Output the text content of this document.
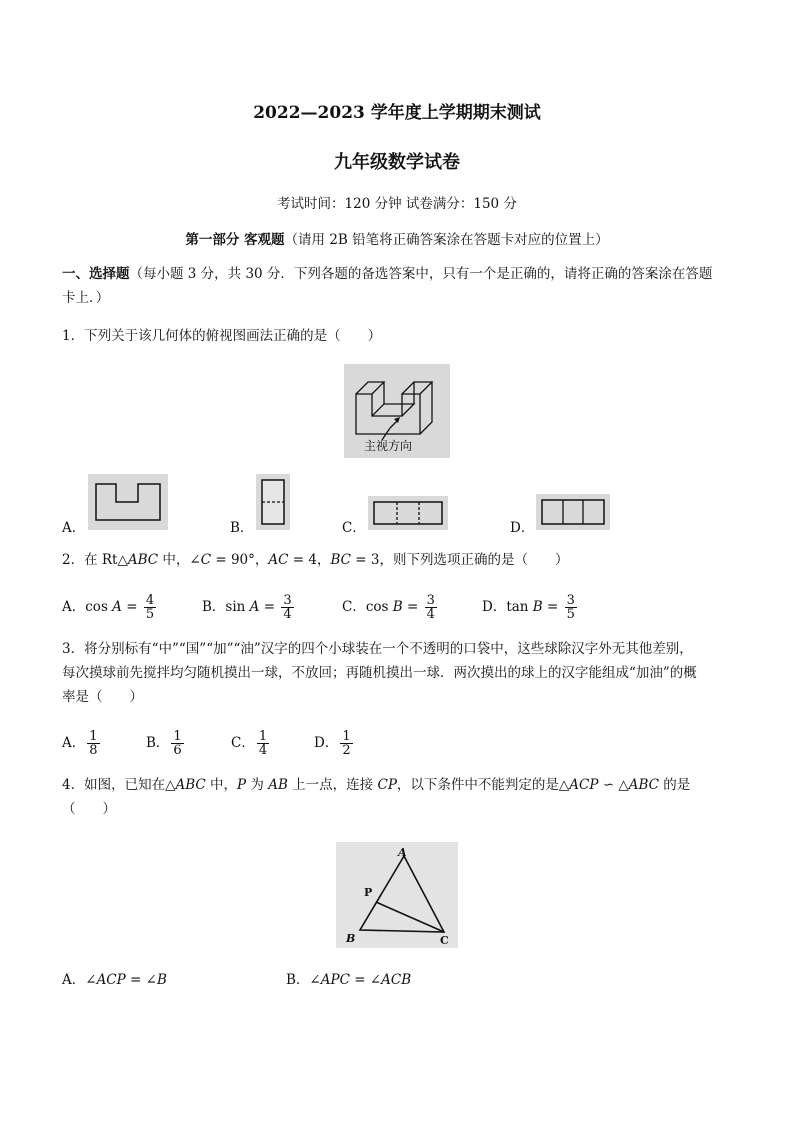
2022—2023 学年度上学期期末测试
九年级数学试卷
考试时间：120 分钟 试卷满分：150 分
第一部分 客观题（请用 2B 铅笔将正确答案涂在答题卡对应的位置上）
一、选择题（每小题 3 分，共 30 分．下列各题的备选答案中，只有一个是正确的，请将正确的答案涂在答题
卡上．）
1．下列关于该几何体的俯视图画法正确的是（　　）
主视方向
A．	B．	C．	D．
2．在 Rt△ABC 中，∠C = 90°，AC = 4，BC = 3，则下列选项正确的是（　　）
A．$\cos A = \frac{4}{5}$	B．$\sin A = \frac{3}{4}$	C．$\cos B = \frac{3}{4}$	D．$\tan B = \frac{3}{5}$
3．将分别标有“中”“国”“加”“油”汉字的四个小球装在一个不透明的口袋中，这些球除汉字外无其他差别，
每次摸球前先搅拌均匀随机摸出一球，不放回；再随机摸出一球．两次摸出的球上的汉字能组成“加油”的概
率是（　　）
A． $\frac{1}{8}$	B． $\frac{1}{6}$	C． $\frac{1}{4}$	D． $\frac{1}{2}$
4．如图，已知在△ABC 中，P 为 AB 上一点，连接 CP，以下条件中不能判定的是△ACP ∽ △ABC 的是
（　　）
A
P
B	C
A．∠ACP = ∠B	B．∠APC = ∠ACB
